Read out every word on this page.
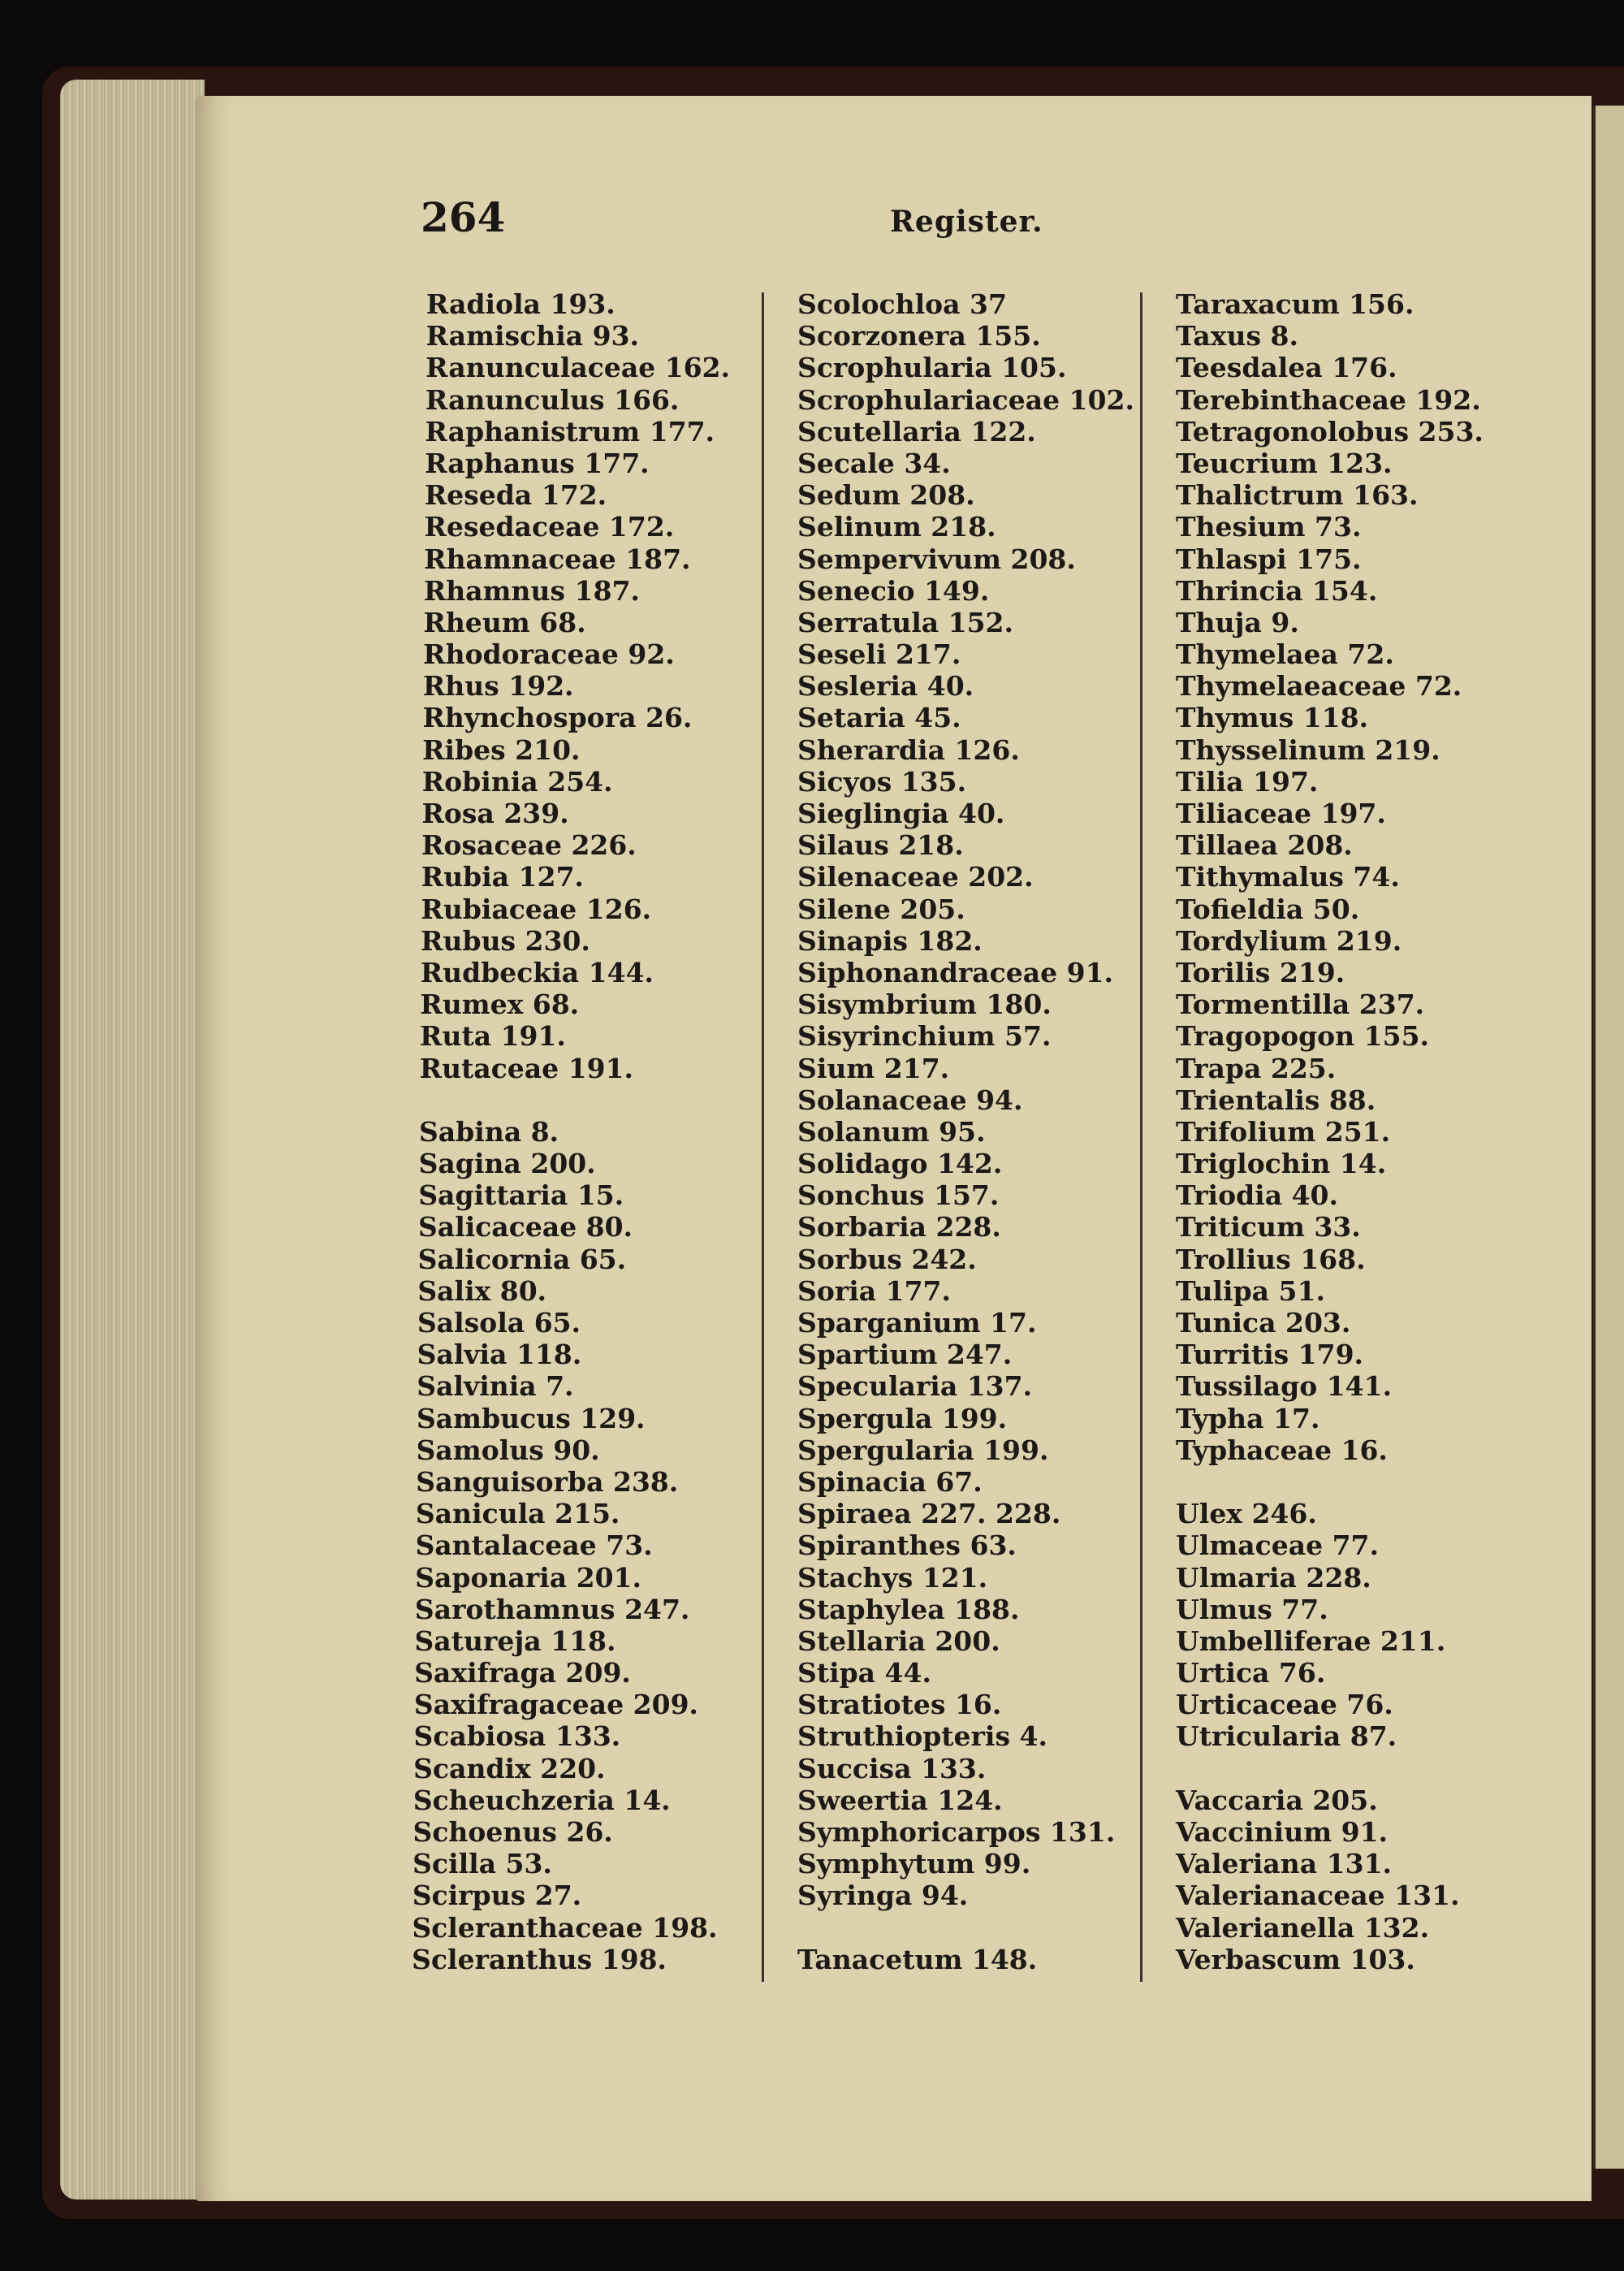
264	Register.
Radiola 193.
Ramischia 93.
Ranunculaceae 162.
Ranunculus 166.
Raphanistrum 177.
Raphanus 177.
Reseda 172.
Resedaceae 172.
Rhamnaceae 187.
Rhamnus 187.
Rheum 68.
Rhodoraceae 92.
Rhus 192.
Rhynchospora 26.
Ribes 210.
Robinia 254.
Rosa 239.
Rosaceae 226.
Rubia 127.
Rubiaceae 126.
Rubus 230.
Rudbeckia 144.
Rumex 68.
Ruta 191.
Rutaceae 191.
Sabina 8.
Sagina 200.
Sagittaria 15.
Salicaceae 80.
Salicornia 65.
Salix 80.
Salsola 65.
Salvia 118.
Salvinia 7.
Sambucus 129.
Samolus 90.
Sanguisorba 238.
Sanicula 215.
Santalaceae 73.
Saponaria 201.
Sarothamnus 247.
Satureja 118.
Saxifraga 209.
Saxifragaceae 209.
Scabiosa 133.
Scandix 220.
Scheuchzeria 14.
Schoenus 26.
Scilla 53.
Scirpus 27.
Scleranthaceae 198.
Scleranthus 198.
Scolochloa 37
Scorzonera 155.
Scrophularia 105.
Scrophulariaceae 102.
Scutellaria 122.
Secale 34.
Sedum 208.
Selinum 218.
Sempervivum 208.
Senecio 149.
Serratula 152.
Seseli 217.
Sesleria 40.
Setaria 45.
Sherardia 126.
Sicyos 135.
Sieglingia 40.
Silaus 218.
Silenaceae 202.
Silene 205.
Sinapis 182.
Siphonandraceae 91.
Sisymbrium 180.
Sisyrinchium 57.
Sium 217.
Solanaceae 94.
Solanum 95.
Solidago 142.
Sonchus 157.
Sorbaria 228.
Sorbus 242.
Soria 177.
Sparganium 17.
Spartium 247.
Specularia 137.
Spergula 199.
Spergularia 199.
Spinacia 67.
Spiraea 227. 228.
Spiranthes 63.
Stachys 121.
Staphylea 188.
Stellaria 200.
Stipa 44.
Stratiotes 16.
Struthiopteris 4.
Succisa 133.
Sweertia 124.
Symphoricarpos 131.
Symphytum 99.
Syringa 94.
Tanacetum 148.
Taraxacum 156.
Taxus 8.
Teesdalea 176.
Terebinthaceae 192.
Tetragonolobus 253.
Teucrium 123.
Thalictrum 163.
Thesium 73.
Thlaspi 175.
Thrincia 154.
Thuja 9.
Thymelaea 72.
Thymelaeaceae 72.
Thymus 118.
Thysselinum 219.
Tilia 197.
Tiliaceae 197.
Tillaea 208.
Tithymalus 74.
Tofieldia 50.
Tordylium 219.
Torilis 219.
Tormentilla 237.
Tragopogon 155.
Trapa 225.
Trientalis 88.
Trifolium 251.
Triglochin 14.
Triodia 40.
Triticum 33.
Trollius 168.
Tulipa 51.
Tunica 203.
Turritis 179.
Tussilago 141.
Typha 17.
Typhaceae 16.
Ulex 246.
Ulmaceae 77.
Ulmaria 228.
Ulmus 77.
Umbelliferae 211.
Urtica 76.
Urticaceae 76.
Utricularia 87.
Vaccaria 205.
Vaccinium 91.
Valeriana 131.
Valerianaceae 131.
Valerianella 132.
Verbascum 103.
